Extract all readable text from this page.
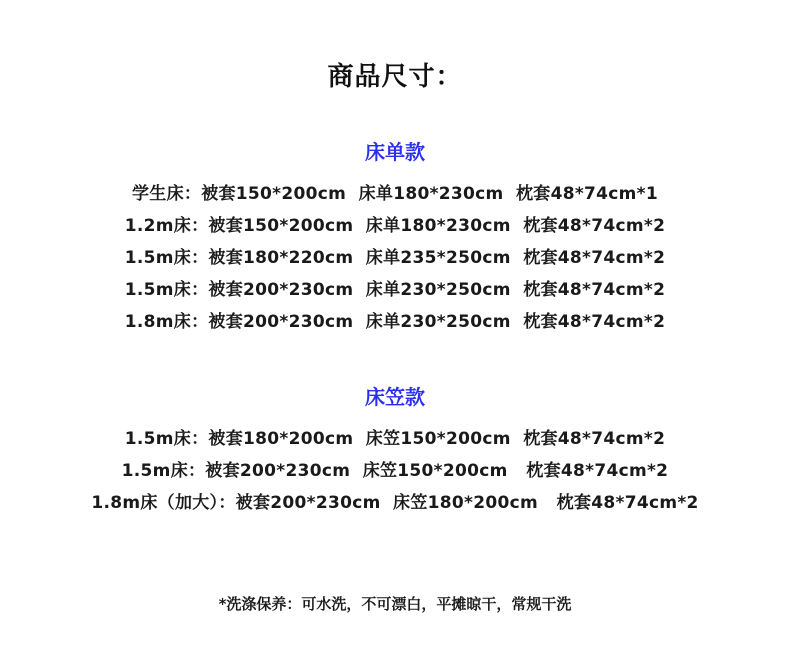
商品尺寸：
床单款
学生床：被套150*200cm  床单180*230cm  枕套48*74cm*1
1.2m床：被套150*200cm  床单180*230cm  枕套48*74cm*2
1.5m床：被套180*220cm  床单235*250cm  枕套48*74cm*2
1.5m床：被套200*230cm  床单230*250cm  枕套48*74cm*2
1.8m床：被套200*230cm  床单230*250cm  枕套48*74cm*2
床笠款
1.5m床：被套180*200cm  床笠150*200cm  枕套48*74cm*2
1.5m床：被套200*230cm  床笠150*200cm   枕套48*74cm*2
1.8m床（加大）：被套200*230cm  床笠180*200cm   枕套48*74cm*2
*洗涤保养：可水洗，不可漂白，平摊晾干，常规干洗
